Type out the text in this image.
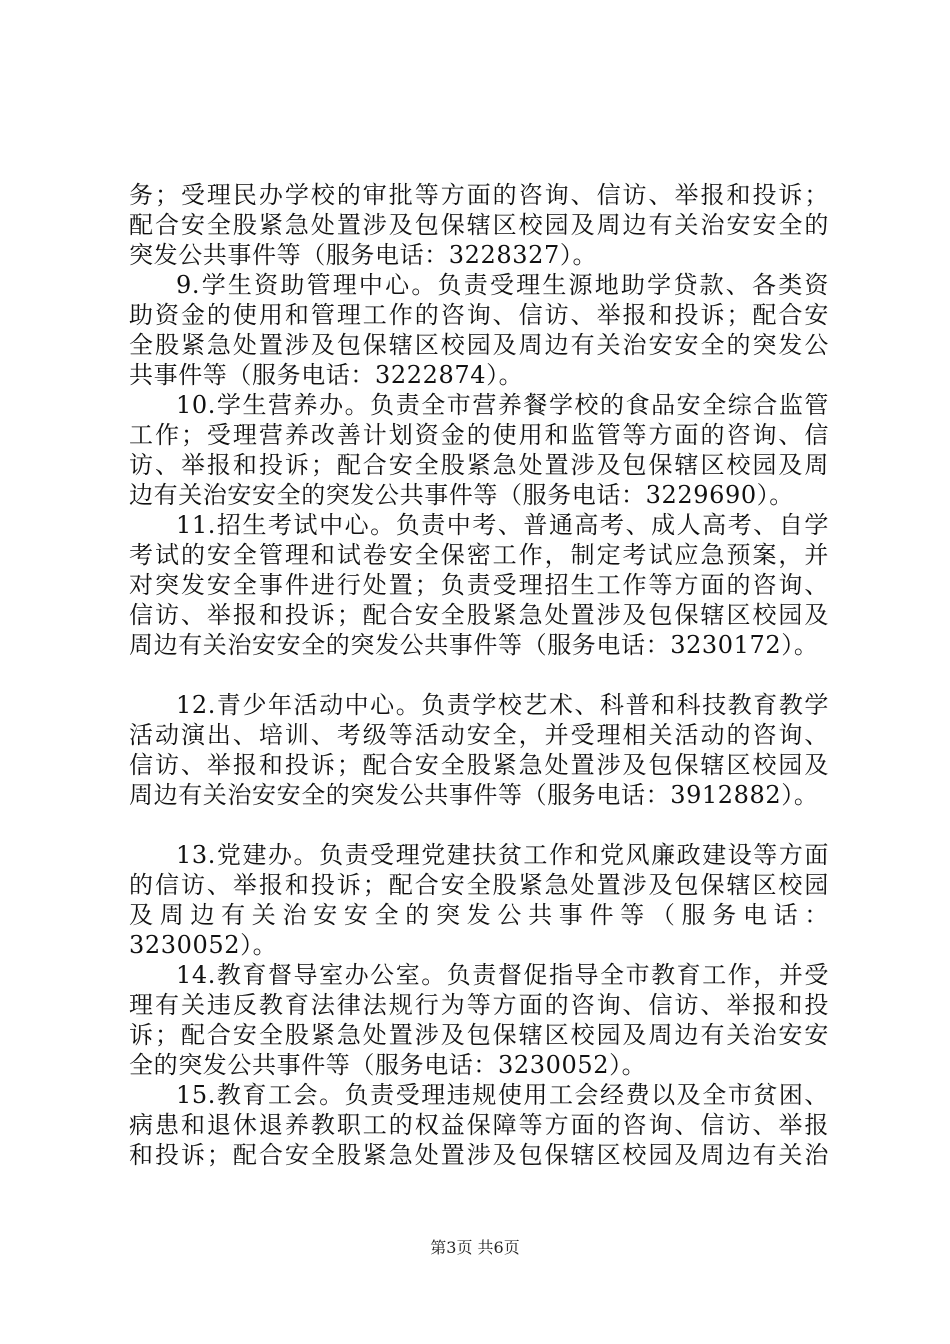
务；受理民办学校的审批等方面的咨询、信访、举报和投诉；
配合安全股紧急处置涉及包保辖区校园及周边有关治安安全的
突发公共事件等（服务电话：3228327）。
9.学生资助管理中心。负责受理生源地助学贷款、各类资
助资金的使用和管理工作的咨询、信访、举报和投诉；配合安
全股紧急处置涉及包保辖区校园及周边有关治安安全的突发公
共事件等（服务电话：3222874）。
10.学生营养办。负责全市营养餐学校的食品安全综合监管
工作；受理营养改善计划资金的使用和监管等方面的咨询、信
访、举报和投诉；配合安全股紧急处置涉及包保辖区校园及周
边有关治安安全的突发公共事件等（服务电话：3229690）。
11.招生考试中心。负责中考、普通高考、成人高考、自学
考试的安全管理和试卷安全保密工作，制定考试应急预案，并
对突发安全事件进行处置；负责受理招生工作等方面的咨询、
信访、举报和投诉；配合安全股紧急处置涉及包保辖区校园及
周边有关治安安全的突发公共事件等（服务电话：3230172）。
12.青少年活动中心。负责学校艺术、科普和科技教育教学
活动演出、培训、考级等活动安全，并受理相关活动的咨询、
信访、举报和投诉；配合安全股紧急处置涉及包保辖区校园及
周边有关治安安全的突发公共事件等（服务电话：3912882）。
13.党建办。负责受理党建扶贫工作和党风廉政建设等方面
的信访、举报和投诉；配合安全股紧急处置涉及包保辖区校园
及周边有关治安安全的突发公共事件等（服务电话：
3230052）。
14.教育督导室办公室。负责督促指导全市教育工作，并受
理有关违反教育法律法规行为等方面的咨询、信访、举报和投
诉；配合安全股紧急处置涉及包保辖区校园及周边有关治安安
全的突发公共事件等（服务电话：3230052）。
15.教育工会。负责受理违规使用工会经费以及全市贫困、
病患和退休退养教职工的权益保障等方面的咨询、信访、举报
和投诉；配合安全股紧急处置涉及包保辖区校园及周边有关治
第3页 共6页
